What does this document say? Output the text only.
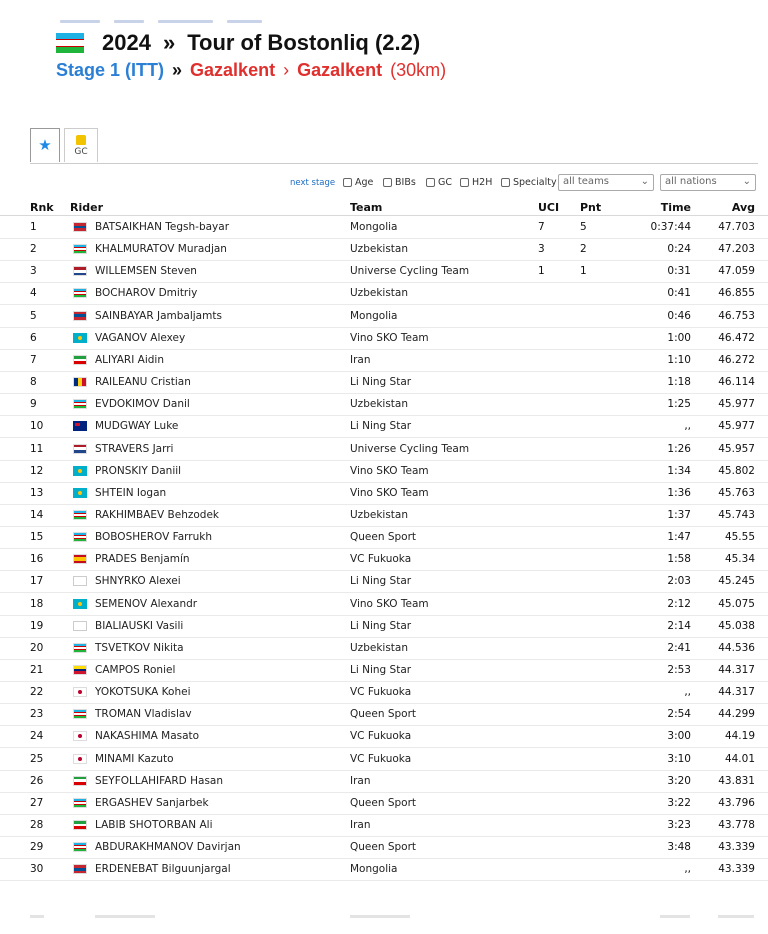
2024 » Tour of Bostonliq (2.2)
Stage 1 (ITT) » Gazalkent › Gazalkent (30km)
★	GC
next stage Age BIBs GC H2H Specialty all teams	⌄	all nations	⌄
Rnk Rider	Team	UCI Pnt	Time	Avg
1	BATSAIKHAN Tegsh-bayar	Mongolia	7	5	0:37:44	47.703
2	KHALMURATOV Muradjan	Uzbekistan	3	2	0:24	47.203
3	WILLEMSEN Steven	Universe Cycling Team	1	1	0:31	47.059
4	BOCHAROV Dmitriy	Uzbekistan	0:41	46.855
5	SAINBAYAR Jambaljamts	Mongolia	0:46	46.753
6	VAGANOV Alexey	Vino SKO Team	1:00	46.472
7	ALIYARI Aidin	Iran	1:10	46.272
8	RAILEANU Cristian	Li Ning Star	1:18	46.114
9	EVDOKIMOV Danil	Uzbekistan	1:25	45.977
10	MUDGWAY Luke	Li Ning Star	,,	45.977
11	STRAVERS Jarri	Universe Cycling Team	1:26	45.957
12	PRONSKIY Daniil	Vino SKO Team	1:34	45.802
13	SHTEIN Iogan	Vino SKO Team	1:36	45.763
14	RAKHIMBAEV Behzodek	Uzbekistan	1:37	45.743
15	BOBOSHEROV Farrukh	Queen Sport	1:47	45.55
16	PRADES Benjamín	VC Fukuoka	1:58	45.34
17	SHNYRKO Alexei	Li Ning Star	2:03	45.245
18	SEMENOV Alexandr	Vino SKO Team	2:12	45.075
19	BIALIAUSKI Vasili	Li Ning Star	2:14	45.038
20	TSVETKOV Nikita	Uzbekistan	2:41	44.536
21	CAMPOS Roniel	Li Ning Star	2:53	44.317
22	YOKOTSUKA Kohei	VC Fukuoka	,,	44.317
23	TROMAN Vladislav	Queen Sport	2:54	44.299
24	NAKASHIMA Masato	VC Fukuoka	3:00	44.19
25	MINAMI Kazuto	VC Fukuoka	3:10	44.01
26	SEYFOLLAHIFARD Hasan	Iran	3:20	43.831
27	ERGASHEV Sanjarbek	Queen Sport	3:22	43.796
28	LABIB SHOTORBAN Ali	Iran	3:23	43.778
29	ABDURAKHMANOV Davirjan	Queen Sport	3:48	43.339
30	ERDENEBAT Bilguunjargal	Mongolia	,,	43.339
